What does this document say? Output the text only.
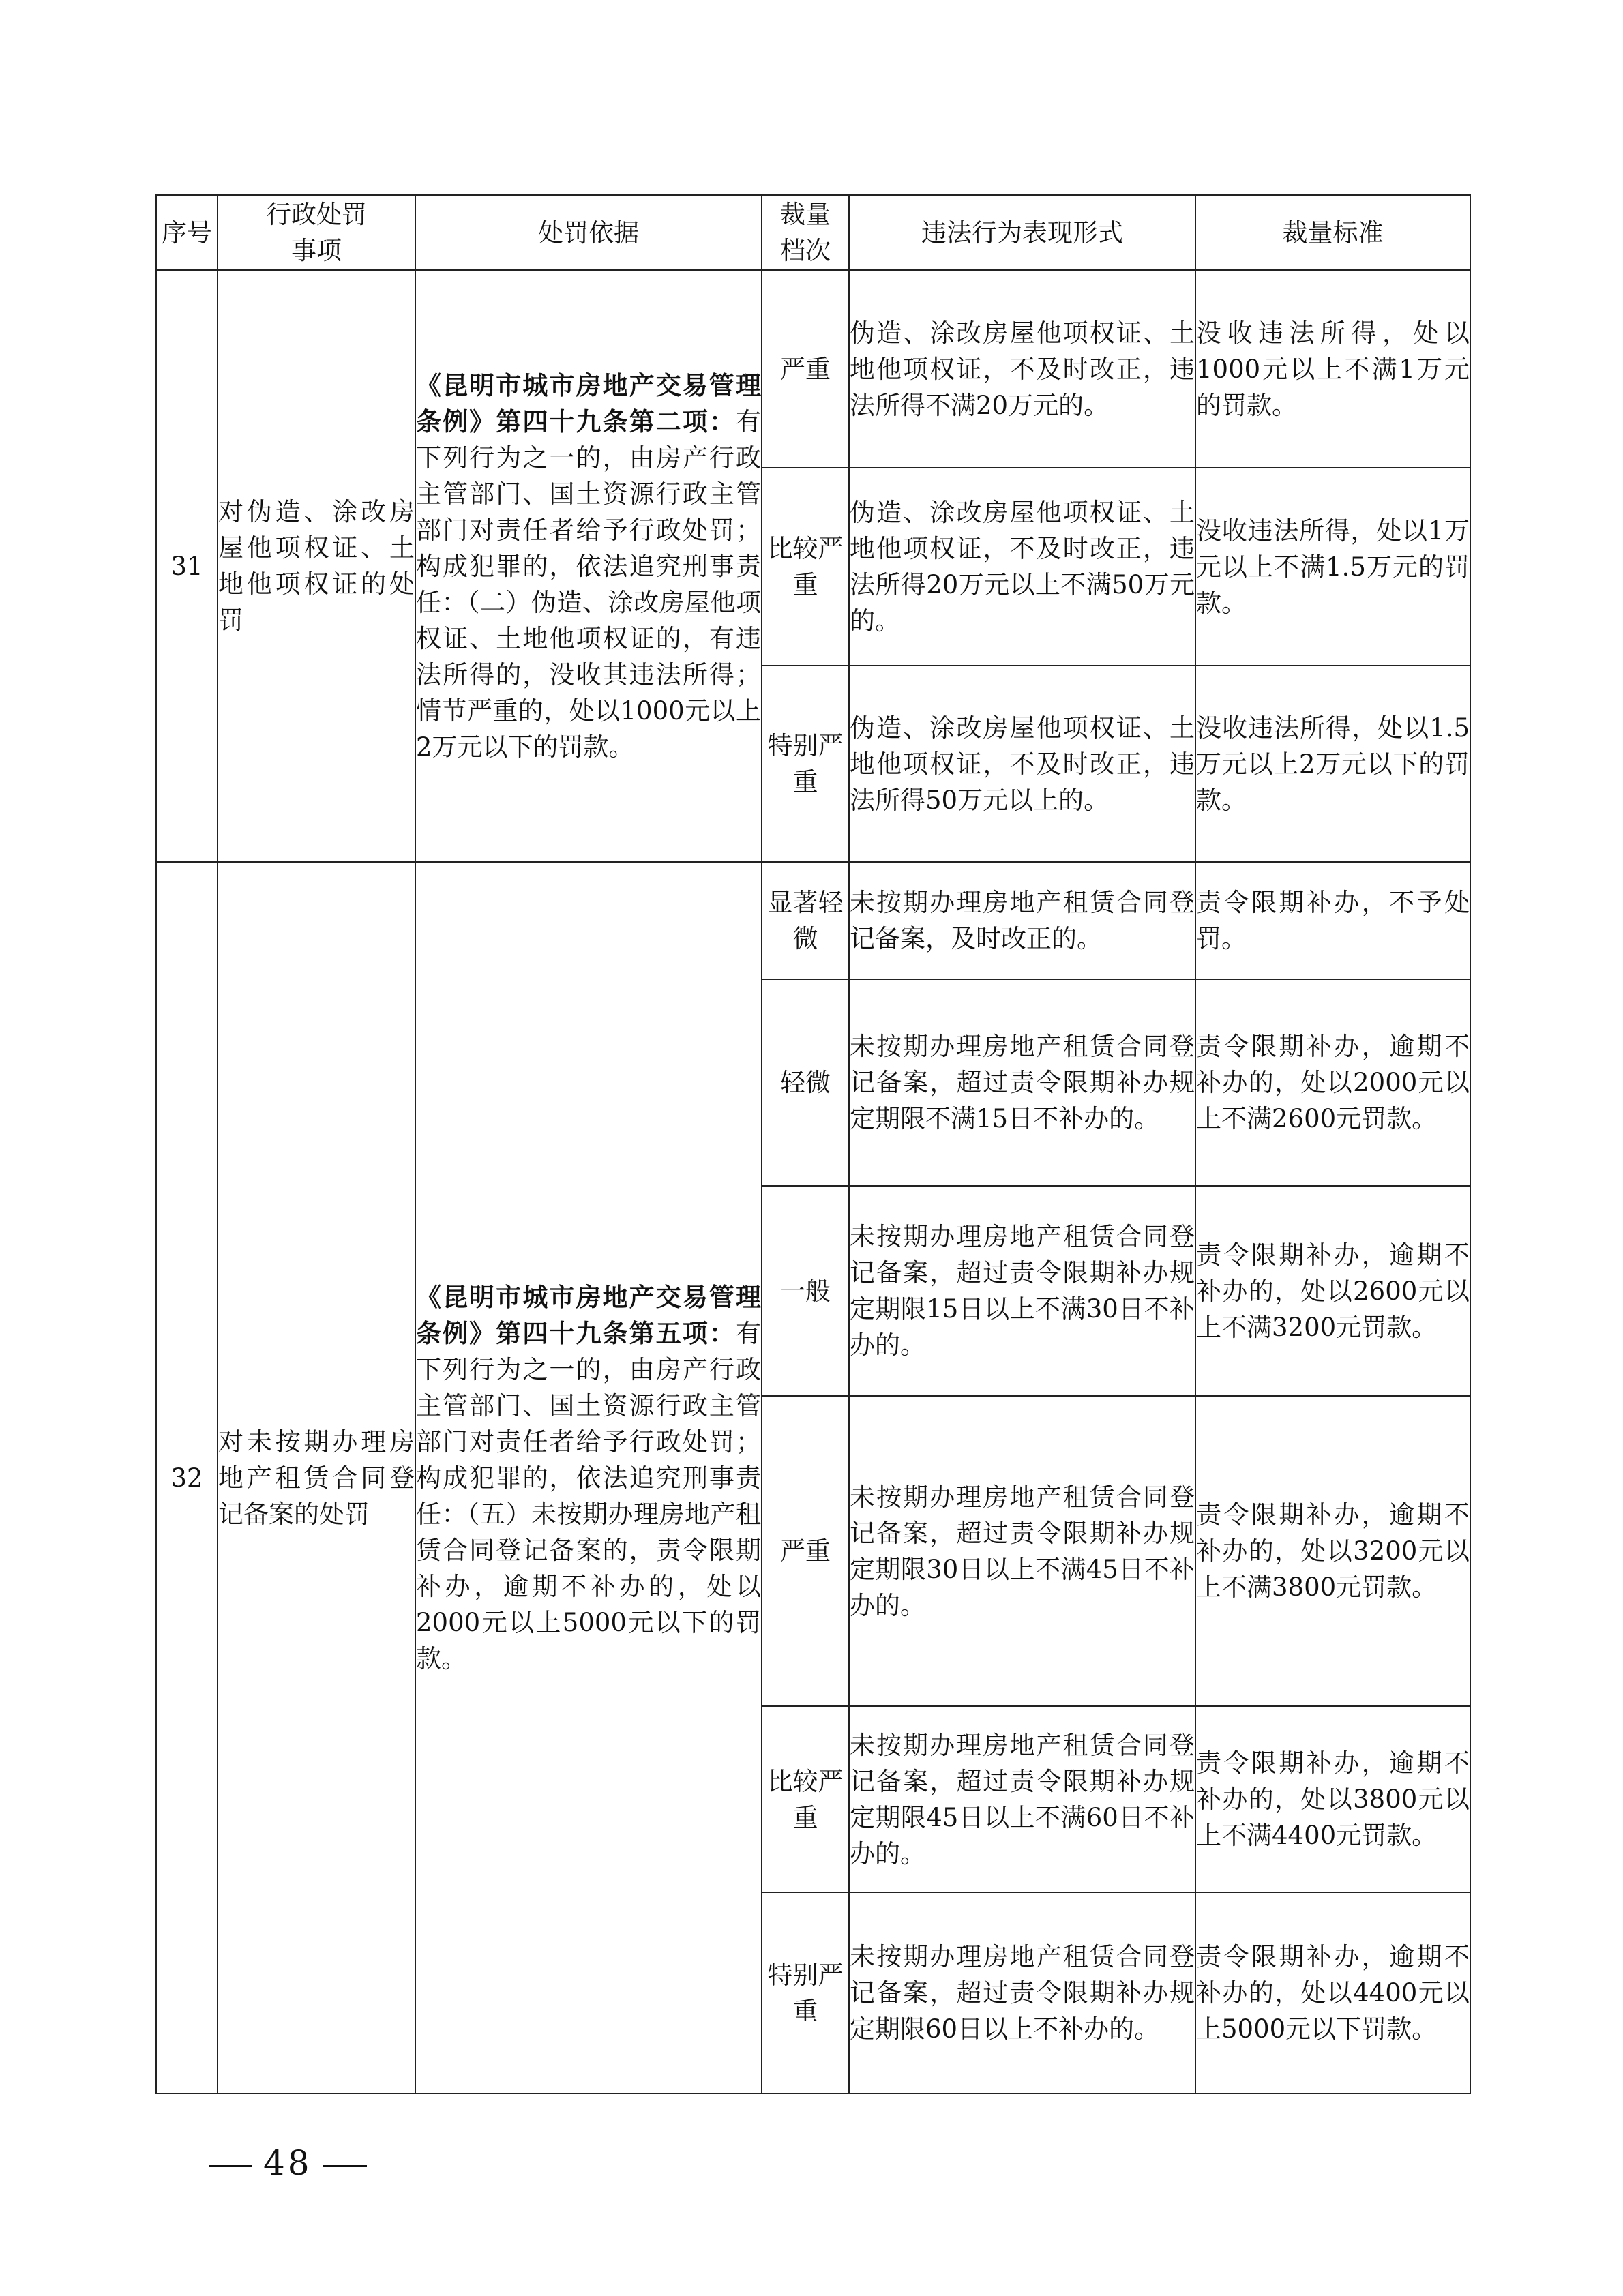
序号	行政处罚事项	处罚依据	裁量档次	违法行为表现形式	裁量标准
31	对伪造、涂改房屋他项权证、土地他项权证的处罚	《昆明市城市房地产交易管理条例》第四十九条第二项：有下列行为之一的，由房产行政主管部门、国土资源行政主管部门对责任者给予行政处罚；构成犯罪的，依法追究刑事责任：（二）伪造、涂改房屋他项权证、土地他项权证的，有违法所得的，没收其违法所得；情节严重的，处以1000元以上2万元以下的罚款。	严重	伪造、涂改房屋他项权证、土地他项权证，不及时改正，违法所得不满20万元的。	没收违法所得，处以1000元以上不满1万元的罚款。
			比较严重	伪造、涂改房屋他项权证、土地他项权证，不及时改正，违法所得20万元以上不满50万元的。	没收违法所得，处以1万元以上不满1.5万元的罚款。
			特别严重	伪造、涂改房屋他项权证、土地他项权证，不及时改正，违法所得50万元以上的。	没收违法所得，处以1.5万元以上2万元以下的罚款。
32	对未按期办理房地产租赁合同登记备案的处罚	《昆明市城市房地产交易管理条例》第四十九条第五项：有下列行为之一的，由房产行政主管部门、国土资源行政主管部门对责任者给予行政处罚；构成犯罪的，依法追究刑事责任：（五）未按期办理房地产租赁合同登记备案的，责令限期补办，逾期不补办的，处以2000元以上5000元以下的罚款。	显著轻微	未按期办理房地产租赁合同登记备案，及时改正的。	责令限期补办，不予处罚。
			轻微	未按期办理房地产租赁合同登记备案，超过责令限期补办规定期限不满15日不补办的。	责令限期补办，逾期不补办的，处以2000元以上不满2600元罚款。
			一般	未按期办理房地产租赁合同登记备案，超过责令限期补办规定期限15日以上不满30日不补办的。	责令限期补办，逾期不补办的，处以2600元以上不满3200元罚款。
			严重	未按期办理房地产租赁合同登记备案，超过责令限期补办规定期限30日以上不满45日不补办的。	责令限期补办，逾期不补办的，处以3200元以上不满3800元罚款。
			比较严重	未按期办理房地产租赁合同登记备案，超过责令限期补办规定期限45日以上不满60日不补办的。	责令限期补办，逾期不补办的，处以3800元以上不满4400元罚款。
			特别严重	未按期办理房地产租赁合同登记备案，超过责令限期补办规定期限60日以上不补办的。	责令限期补办，逾期不补办的，处以4400元以上5000元以下罚款。
48
